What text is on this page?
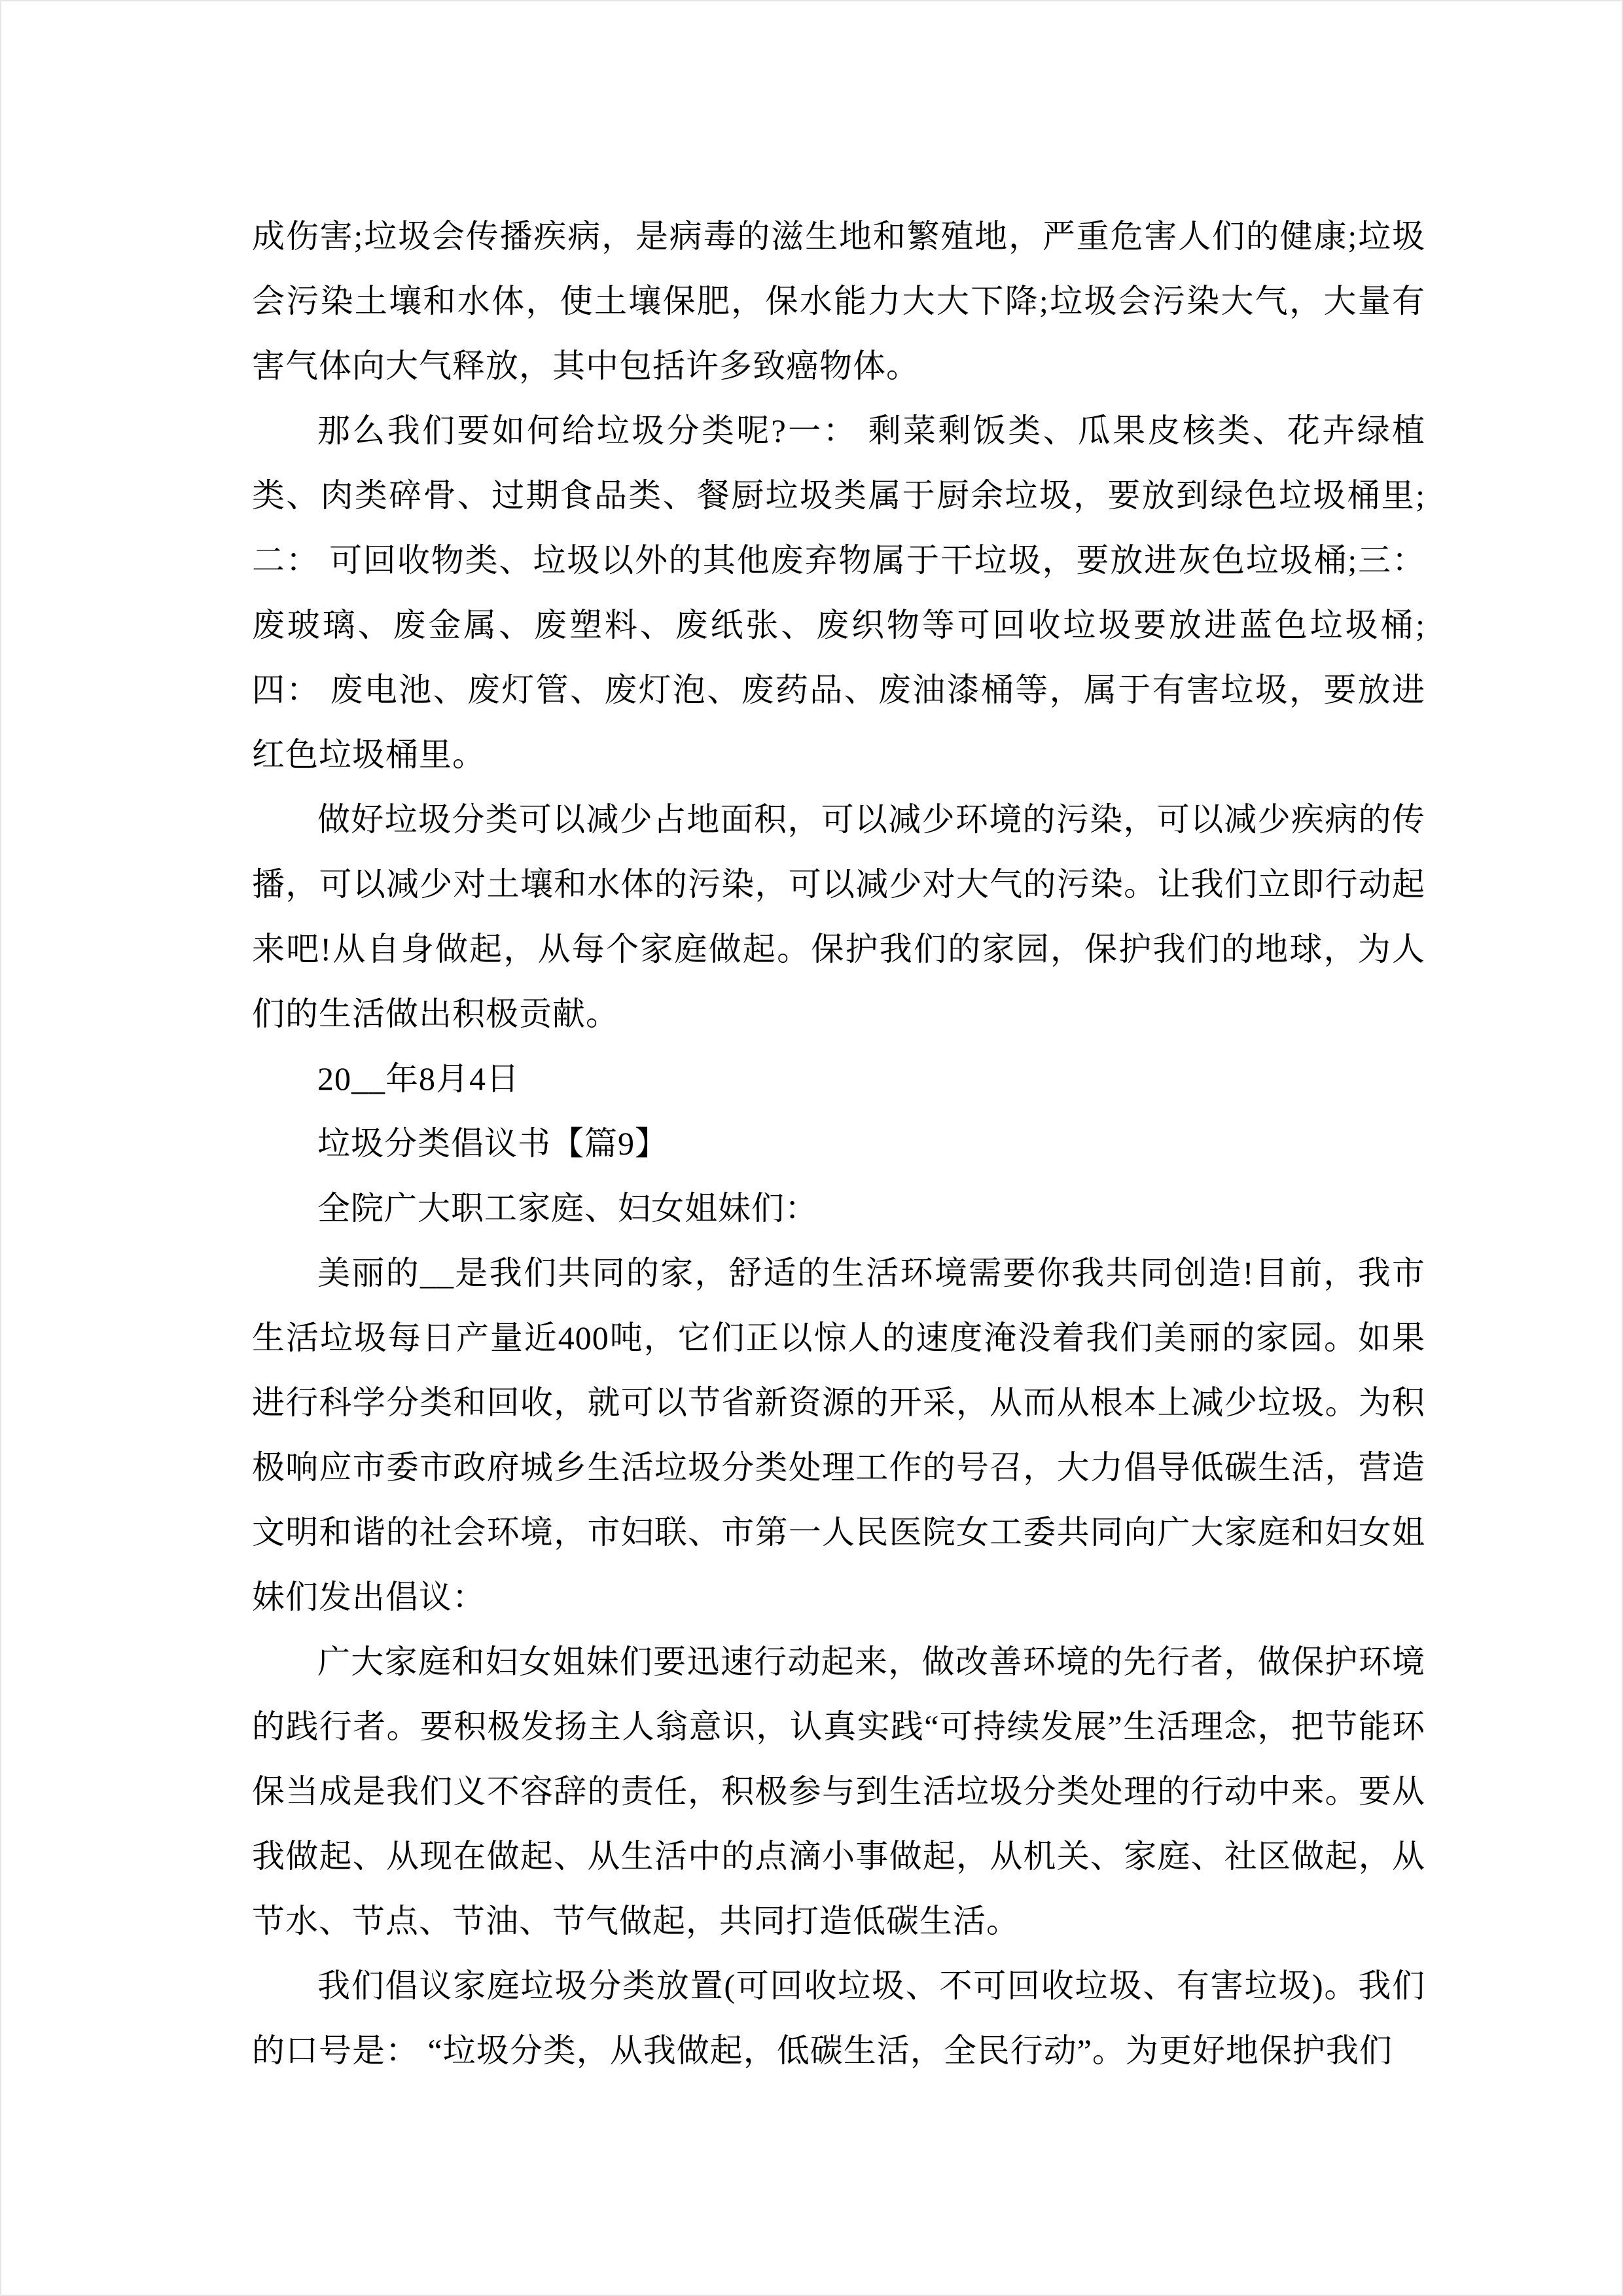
成伤害;垃圾会传播疾病，是病毒的滋生地和繁殖地，严重危害人们的健康;垃圾会污染土壤和水体，使土壤保肥，保水能力大大下降;垃圾会污染大气，大量有害气体向大气释放，其中包括许多致癌物体。

那么我们要如何给垃圾分类呢?一： 剩菜剩饭类、瓜果皮核类、花卉绿植类、肉类碎骨、过期食品类、餐厨垃圾类属于厨余垃圾，要放到绿色垃圾桶里;二： 可回收物类、垃圾以外的其他废弃物属于干垃圾，要放进灰色垃圾桶;三： 废玻璃、废金属、废塑料、废纸张、废织物等可回收垃圾要放进蓝色垃圾桶;四： 废电池、废灯管、废灯泡、废药品、废油漆桶等，属于有害垃圾，要放进红色垃圾桶里。

做好垃圾分类可以减少占地面积，可以减少环境的污染，可以减少疾病的传播，可以减少对土壤和水体的污染，可以减少对大气的污染。让我们立即行动起来吧!从自身做起，从每个家庭做起。保护我们的家园，保护我们的地球，为人们的生活做出积极贡献。

20__年8月4日

垃圾分类倡议书【篇9】

全院广大职工家庭、妇女姐妹们：

美丽的__是我们共同的家，舒适的生活环境需要你我共同创造!目前，我市生活垃圾每日产量近400吨，它们正以惊人的速度淹没着我们美丽的家园。如果进行科学分类和回收，就可以节省新资源的开采，从而从根本上减少垃圾。为积极响应市委市政府城乡生活垃圾分类处理工作的号召，大力倡导低碳生活，营造文明和谐的社会环境，市妇联、市第一人民医院女工委共同向广大家庭和妇女姐妹们发出倡议：

广大家庭和妇女姐妹们要迅速行动起来，做改善环境的先行者，做保护环境的践行者。要积极发扬主人翁意识，认真实践“可持续发展”生活理念，把节能环保当成是我们义不容辞的责任，积极参与到生活垃圾分类处理的行动中来。要从我做起、从现在做起、从生活中的点滴小事做起，从机关、家庭、社区做起，从节水、节点、节油、节气做起，共同打造低碳生活。

我们倡议家庭垃圾分类放置(可回收垃圾、不可回收垃圾、有害垃圾)。我们的口号是： “垃圾分类，从我做起，低碳生活，全民行动”。为更好地保护我们
